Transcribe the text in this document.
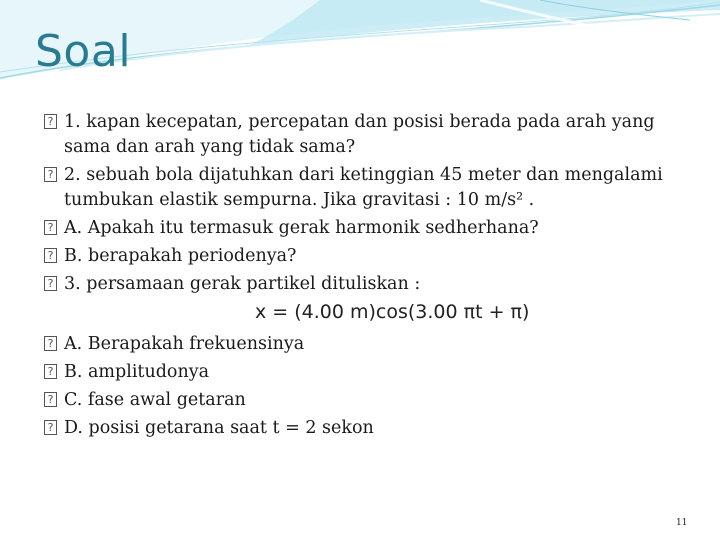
Soal
? 1. kapan kecepatan, percepatan dan posisi berada pada arah yang sama dan arah yang tidak sama?
? 2. sebuah bola dijatuhkan dari ketinggian 45 meter dan mengalami tumbukan elastik sempurna. Jika gravitasi : 10 m/s² .
? A. Apakah itu termasuk gerak harmonik sedherhana?
? B. berapakah periodenya?
? 3. persamaan gerak partikel dituliskan :
x = (4.00 m)cos(3.00 πt + π)
? A. Berapakah frekuensinya
? B. amplitudonya
? C. fase awal getaran
? D. posisi getarana saat t = 2 sekon
11
